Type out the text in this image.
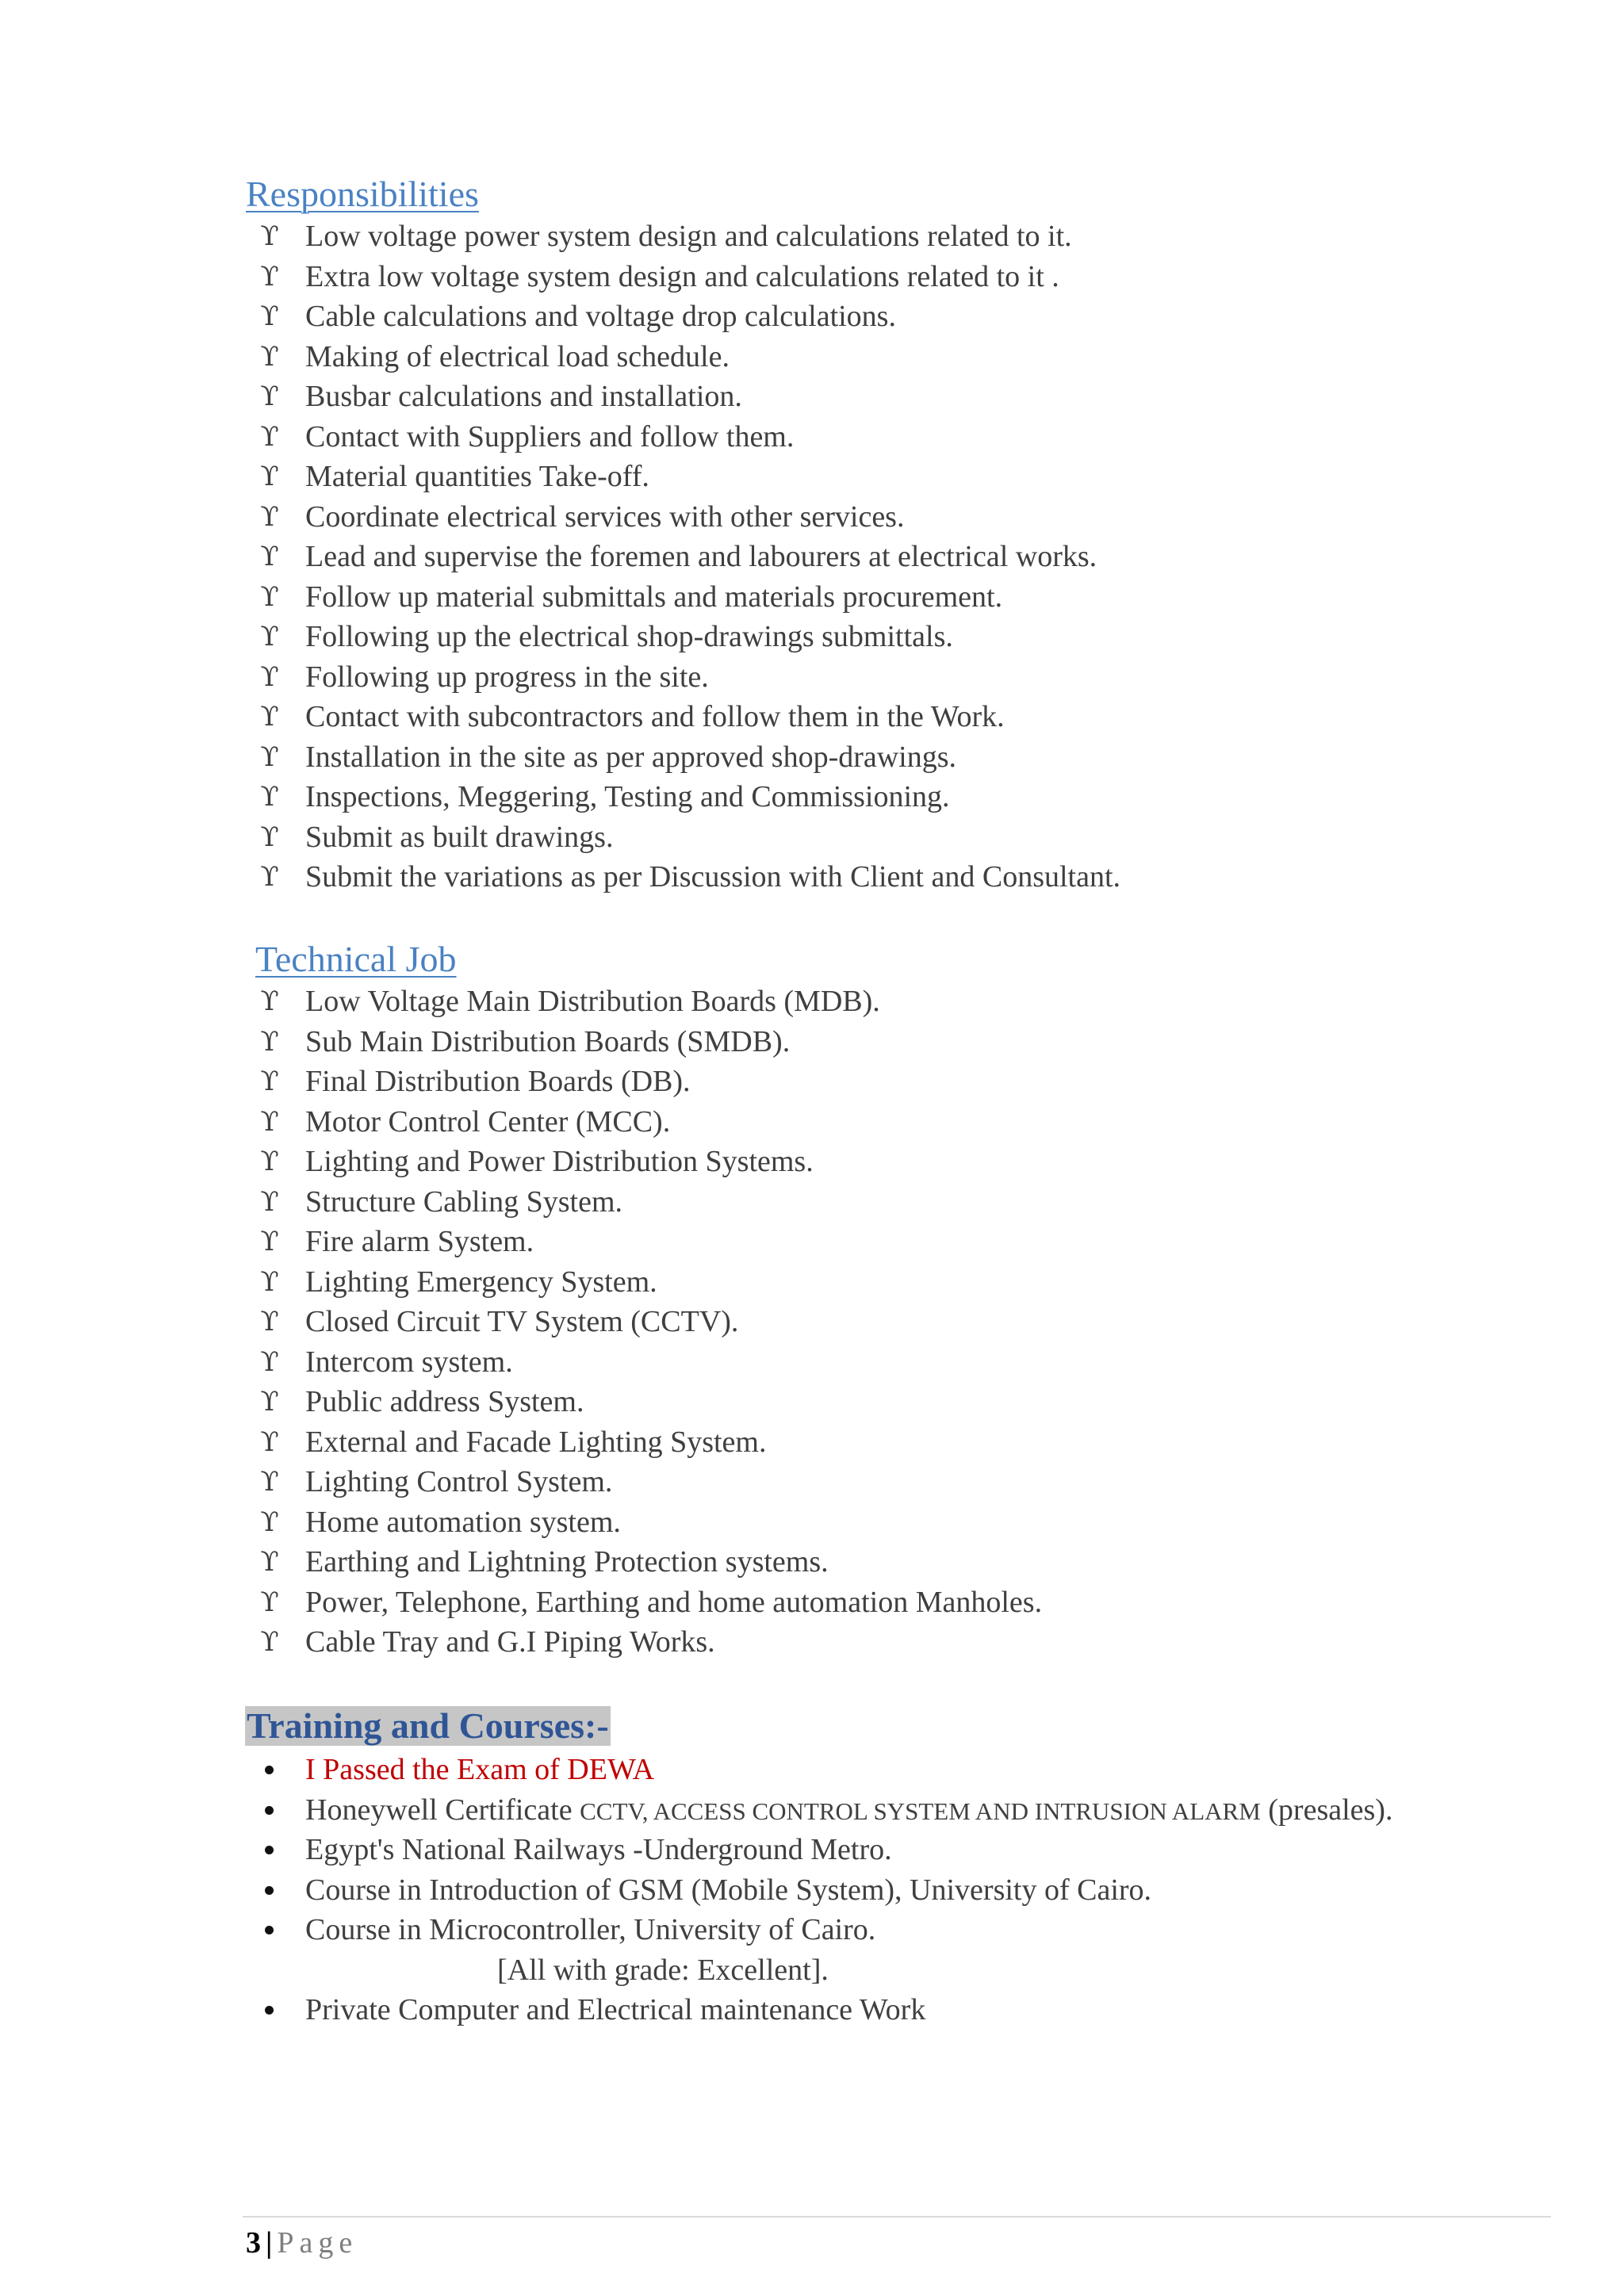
Responsibilities
ϒ Low voltage power system design and calculations related to it.
ϒ Extra low voltage system design and calculations related to it .
ϒ Cable calculations and voltage drop calculations.
ϒ Making of electrical load schedule.
ϒ Busbar calculations and installation.
ϒ Contact with Suppliers and follow them.
ϒ Material quantities Take-off.
ϒ Coordinate electrical services with other services.
ϒ Lead and supervise the foremen and labourers at electrical works.
ϒ Follow up material submittals and materials procurement.
ϒ Following up the electrical shop-drawings submittals.
ϒ Following up progress in the site.
ϒ Contact with subcontractors and follow them in the Work.
ϒ Installation in the site as per approved shop-drawings.
ϒ Inspections, Meggering, Testing and Commissioning.
ϒ Submit as built drawings.
ϒ Submit the variations as per Discussion with Client and Consultant.
Technical Job
ϒ Low Voltage Main Distribution Boards (MDB).
ϒ Sub Main Distribution Boards (SMDB).
ϒ Final Distribution Boards (DB).
ϒ Motor Control Center (MCC).
ϒ Lighting and Power Distribution Systems.
ϒ Structure Cabling System.
ϒ Fire alarm System.
ϒ Lighting Emergency System.
ϒ Closed Circuit TV System (CCTV).
ϒ Intercom system.
ϒ Public address System.
ϒ External and Facade Lighting System.
ϒ Lighting Control System.
ϒ Home automation system.
ϒ Earthing and Lightning Protection systems.
ϒ Power, Telephone, Earthing and home automation Manholes.
ϒ Cable Tray and G.I Piping Works.
Training and Courses:-
I Passed the Exam of DEWA
Honeywell Certificate CCTV, ACCESS CONTROL SYSTEM AND INTRUSION ALARM (presales).
Egypt's National Railways -Underground Metro.
Course in Introduction of GSM (Mobile System), University of Cairo.
Course in Microcontroller, University of Cairo.
[All with grade: Excellent].
Private Computer and Electrical maintenance Work
3 | Page
